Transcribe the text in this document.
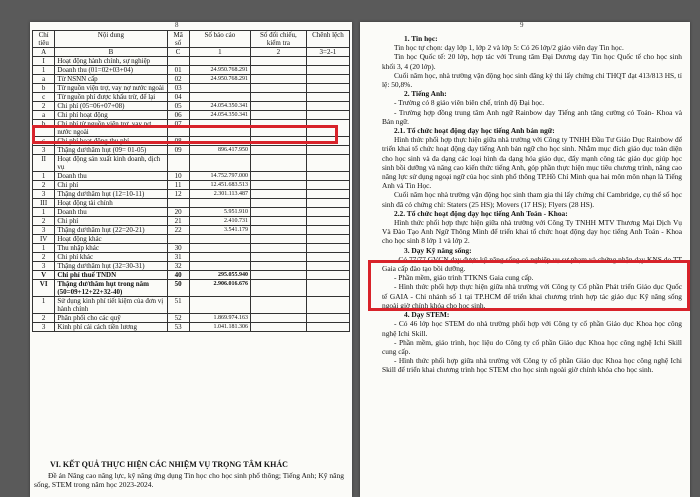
8
Chỉ tiêu	Nội dung	Mã số	Số báo cáo	Số đối chiếu, kiểm tra	Chênh lệch
A	B	C	1	2	3=2-1
I	Hoạt động hành chính, sự nghiệp				
1	Doanh thu (01=02+03+04)	01	24.950.768.291		
a	Từ NSNN cấp	02	24.950.768.291		
b	Từ nguồn viện trợ, vay nợ nước ngoài	03			
c	Từ nguồn phí được khấu trừ, để lại	04			
2	Chi phí (05=06+07+08)	05	24.054.350.341		
a	Chi phí hoạt động	06	24.054.350.341		
b	Chi phí từ nguồn viện trợ, vay nợ nước ngoài	07			
c	Chi phí hoạt động thu phí	08			
3	Thặng dư/thâm hụt (09= 01-05)	09	896.417.950		
II	Hoạt động sản xuất kinh doanh, dịch vụ				
1	Doanh thu	10	14.752.797.000		
2	Chi phí	11	12.451.683.513		
3	Thặng dư/thâm hụt (12=10-11)	12	2.301.113.487		
III	Hoạt động tài chính				
1	Doanh thu	20	5.951.910		
2	Chi phí	21	2.410.731		
3	Thặng dư/thâm hụt (22=20-21)	22	3.541.179		
IV	Hoạt động khác				
1	Thu nhập khác	30			
2	Chi phí khác	31			
3	Thặng dư/thâm hụt (32=30-31)	32			
V	Chi phí thuế TNDN	40	295.055.940		
VI	Thặng dư/thâm hụt trong năm (50=09+12+22+32-40)	50	2.906.016.676		
1	Sử dụng kinh phí tiết kiệm của đơn vị hành chính	51			
2	Phân phối cho các quỹ	52	1.869.974.163		
3	Kinh phí cải cách tiền lương	53	1.041.181.306		
VI. KẾT QUẢ THỰC HIỆN CÁC NHIỆM VỤ TRỌNG TÂM KHÁC
Đề án Nâng cao năng lực, kỹ năng ứng dụng Tin học cho học sinh phổ thông; Tiếng Anh; Kỹ năng sống, STEM trong năm học 2023-2024.
9

1. Tin học:

Tin học tự chọn: dạy lớp 1, lớp 2 và lớp 5: Có 26 lớp/2 giáo viên dạy Tin học.

Tin học Quốc tế: 20 lớp, hợp tác với Trung tâm Đại Dương dạy Tin học Quốc tế cho học sinh khối 3, 4 (20 lớp).

Cuối năm học, nhà trường vận động học sinh đăng ký thi lấy chứng chỉ THQT đạt 413/813 HS, tỉ lệ: 50,8%.

2. Tiếng Anh:

- Trường có 8 giáo viên biên chế, trình độ Đại học.

- Trường hợp đồng trung tâm Anh ngữ Rainbow dạy Tiếng anh tăng cường có Toán- Khoa và Bản ngữ.

2.1. Tổ chức hoạt động dạy học tiếng Anh bản ngữ:

Hình thức phối hợp thực hiện giữa nhà trường với Công ty TNHH Đầu Tư Giáo Dục Rainbow để triển khai tổ chức hoạt động dạy tiếng Anh bản ngữ cho học sinh. Nhằm mục đích giáo dục toàn diện cho học sinh và đa dạng các loại hình đa dạng hóa giáo dục, đẩy mạnh công tác giáo dục giúp học sinh bồi dưỡng và nâng cao kiến thức tiếng Anh, góp phần thực hiện mục tiêu chương trình, nâng cao năng lực sử dụng ngoại ngữ của học sinh phổ thông TP.Hồ Chí Minh qua hai môn môn nhạn là Tiếng Anh và Tin Học.

Cuối năm học nhà trường vận động học sinh tham gia thi lấy chứng chỉ Cambridge, cụ thể số học sinh đã có chứng chỉ: Staters (25 HS); Movers (17 HS); Flyers (28 HS).

2.2. Tổ chức hoạt động dạy học tiếng Anh Toán - Khoa:

Hình thức phối hợp thực hiện giữa nhà trường với Công Ty TNHH MTV Thương Mại Dịch Vụ Và Đào Tạo Anh Ngữ Thông Minh để triển khai tổ chức hoạt động dạy học tiếng Anh Toán - Khoa cho học sinh 8 lớp 1 và lớp 2.

3. Dạy Kỹ năng sống:

- Có 77/77 GVCN dạy được kỹ năng sống có nghiệp vụ sư phạm và chứng nhận dạy KNS do TT Gaia cấp đào tạo bồi dưỡng.

- Phần mềm, giáo trình TTKNS Gaia cung cấp.

- Hình thức phối hợp thực hiện giữa nhà trường với Công ty Cổ phần Phát triển Giáo dục Quốc tế GAIA - Chi nhánh số 1 tại TP.HCM để triển khai chương trình hợp tác giáo dục Kỹ năng sống ngoài giờ chính khóa cho học sinh.

4. Dạy STEM:

- Có 46 lớp học STEM do nhà trường phối hợp với Công ty cổ phần Giáo dục Khoa học công nghệ Ichi Skill.

- Phần mềm, giáo trình, học liệu do Công ty cổ phần Giáo dục Khoa học công nghệ Ichi Skill cung cấp.

- Hình thức phối hợp giữa nhà trường với Công ty cổ phần Giáo dục Khoa học công nghệ Ichi Skill để triển khai chương trình học STEM cho học sinh ngoài giờ chính khóa cho học sinh.
